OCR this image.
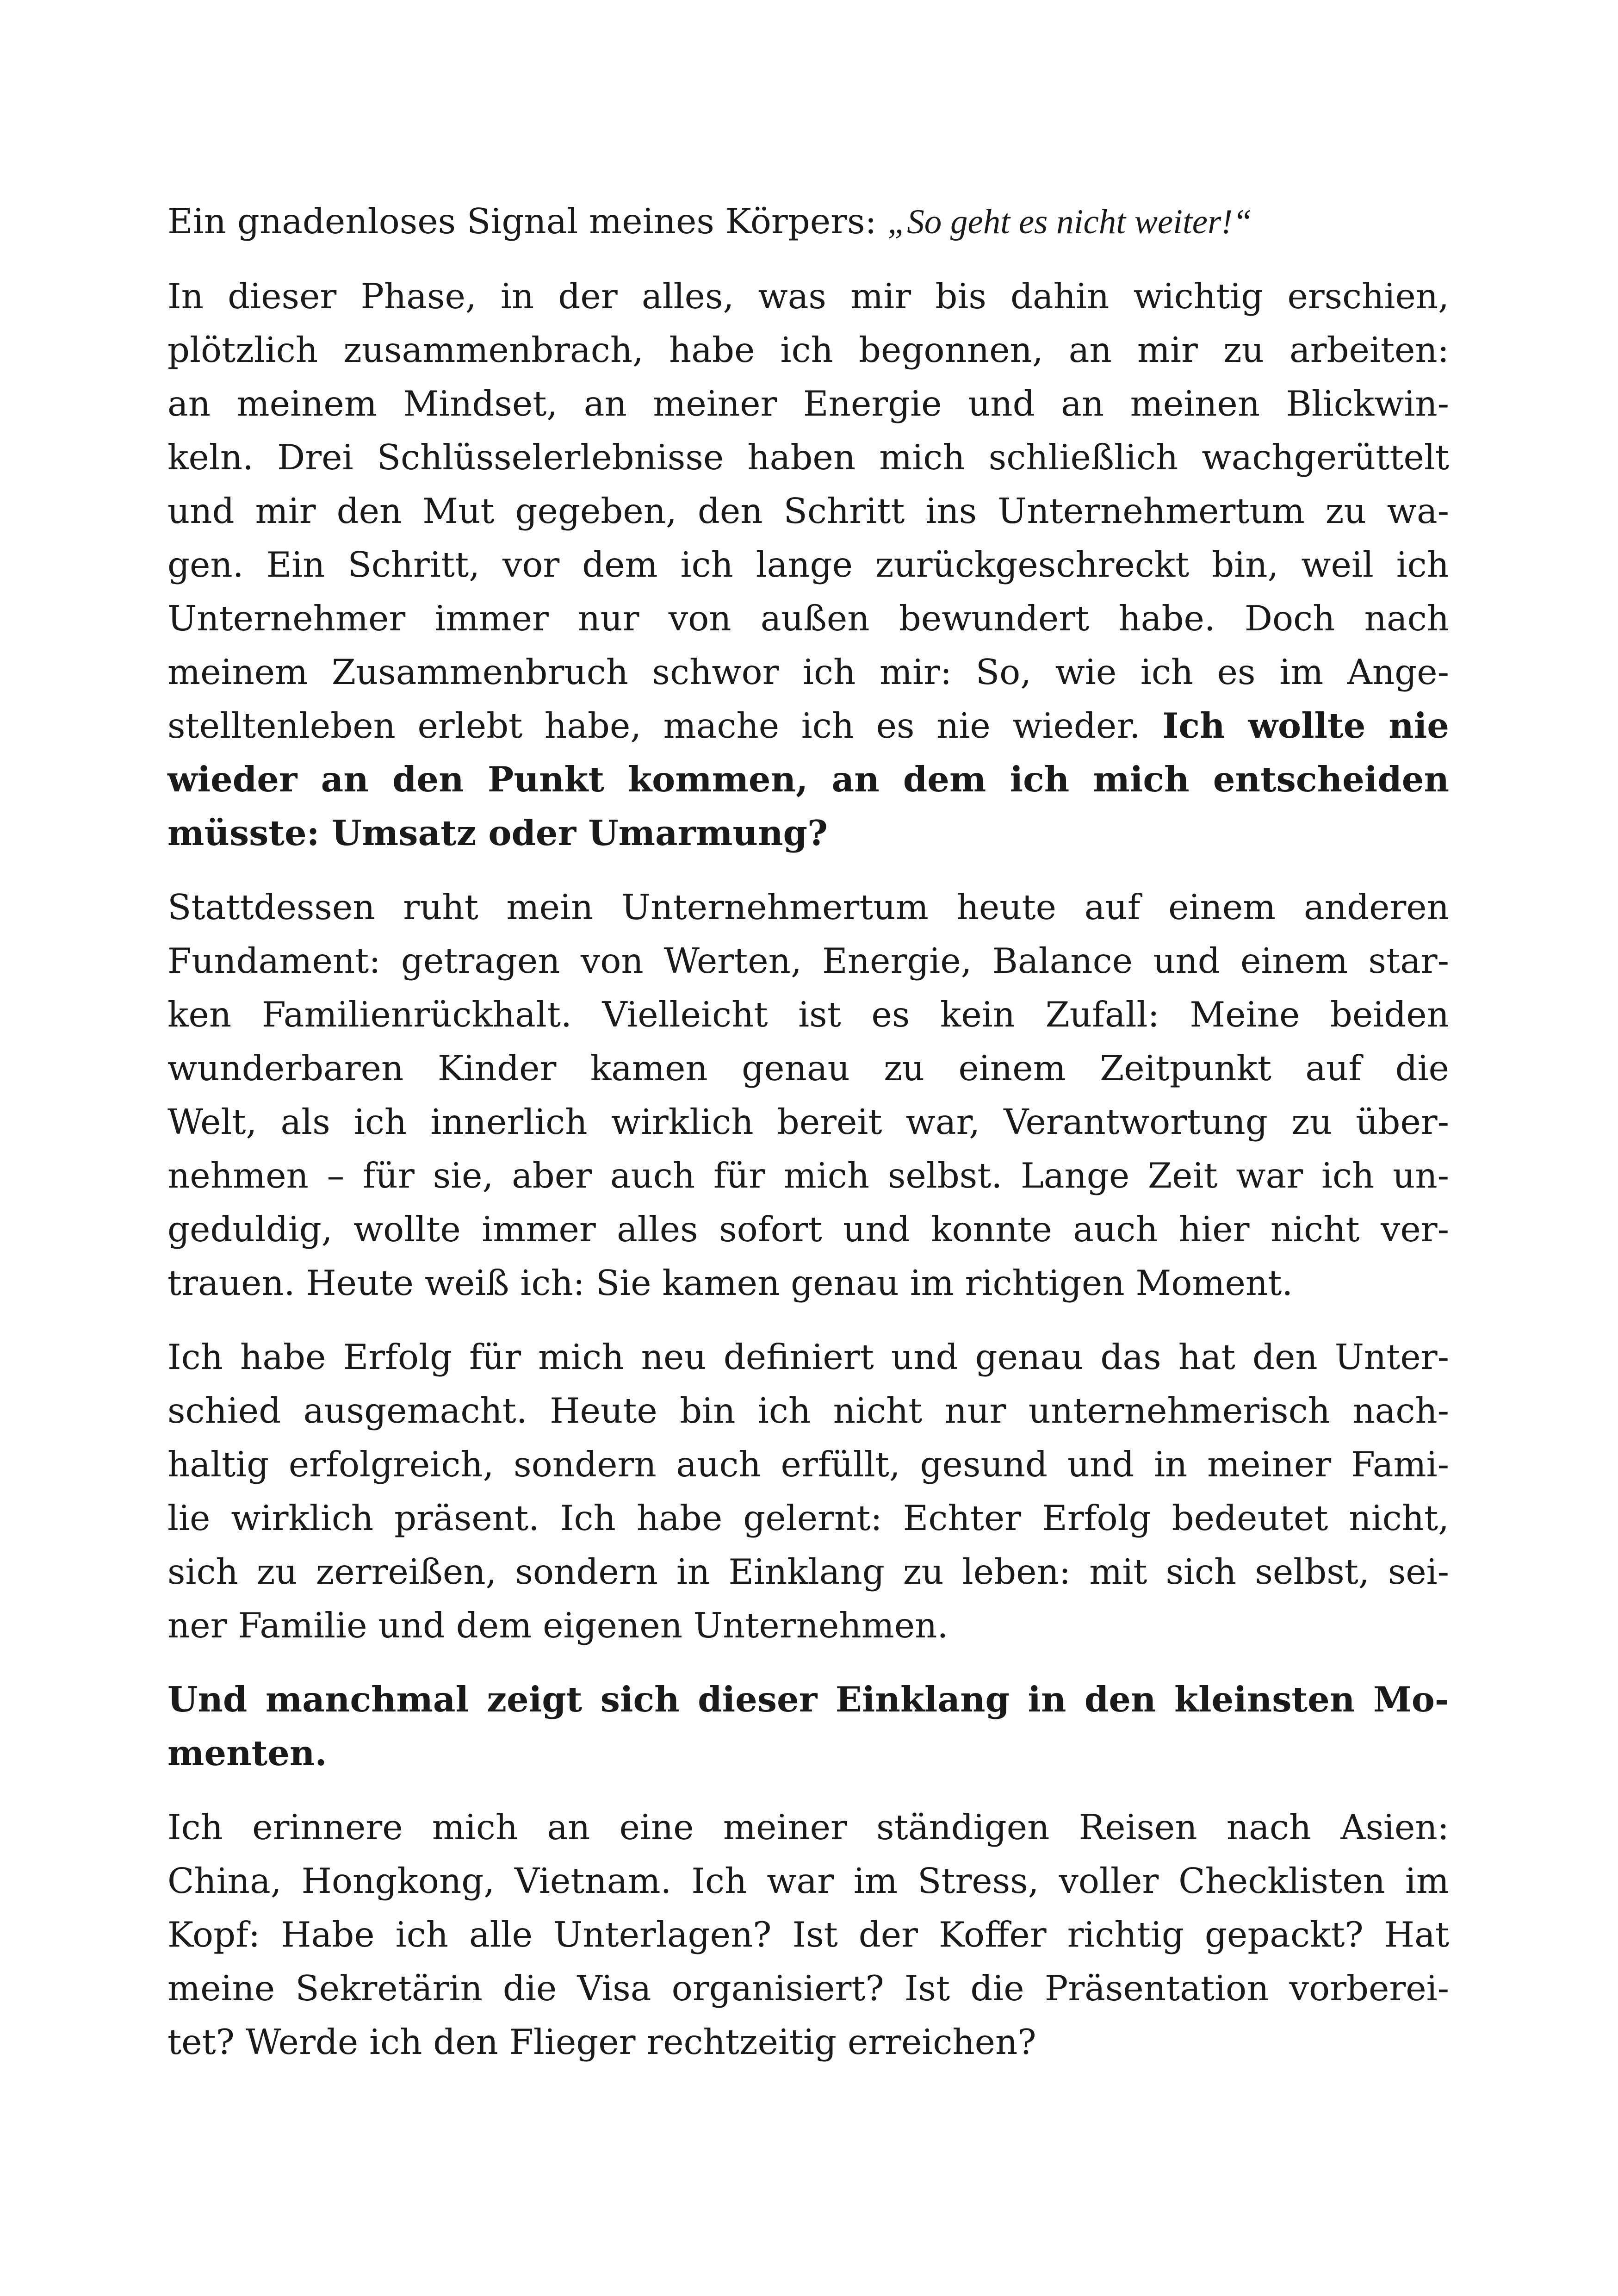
Ein gnadenloses Signal meines Körpers: „So geht es nicht weiter!“

In dieser Phase, in der alles, was mir bis dahin wichtig erschien,
plötzlich zusammenbrach, habe ich begonnen, an mir zu arbeiten:
an meinem Mindset, an meiner Energie und an meinen Blickwin-
keln. Drei Schlüsselerlebnisse haben mich schließlich wachgerüttelt
und mir den Mut gegeben, den Schritt ins Unternehmertum zu wa-
gen. Ein Schritt, vor dem ich lange zurückgeschreckt bin, weil ich
Unternehmer immer nur von außen bewundert habe. Doch nach
meinem Zusammenbruch schwor ich mir: So, wie ich es im Ange-
stelltenleben erlebt habe, mache ich es nie wieder. Ich wollte nie
wieder an den Punkt kommen, an dem ich mich entscheiden
müsste: Umsatz oder Umarmung?

Stattdessen ruht mein Unternehmertum heute auf einem anderen
Fundament: getragen von Werten, Energie, Balance und einem star-
ken Familienrückhalt. Vielleicht ist es kein Zufall: Meine beiden
wunderbaren Kinder kamen genau zu einem Zeitpunkt auf die
Welt, als ich innerlich wirklich bereit war, Verantwortung zu über-
nehmen – für sie, aber auch für mich selbst. Lange Zeit war ich un-
geduldig, wollte immer alles sofort und konnte auch hier nicht ver-
trauen. Heute weiß ich: Sie kamen genau im richtigen Moment.

Ich habe Erfolg für mich neu definiert und genau das hat den Unter-
schied ausgemacht. Heute bin ich nicht nur unternehmerisch nach-
haltig erfolgreich, sondern auch erfüllt, gesund und in meiner Fami-
lie wirklich präsent. Ich habe gelernt: Echter Erfolg bedeutet nicht,
sich zu zerreißen, sondern in Einklang zu leben: mit sich selbst, sei-
ner Familie und dem eigenen Unternehmen.

Und manchmal zeigt sich dieser Einklang in den kleinsten Mo-
menten.

Ich erinnere mich an eine meiner ständigen Reisen nach Asien:
China, Hongkong, Vietnam. Ich war im Stress, voller Checklisten im
Kopf: Habe ich alle Unterlagen? Ist der Koffer richtig gepackt? Hat
meine Sekretärin die Visa organisiert? Ist die Präsentation vorberei-
tet? Werde ich den Flieger rechtzeitig erreichen?
